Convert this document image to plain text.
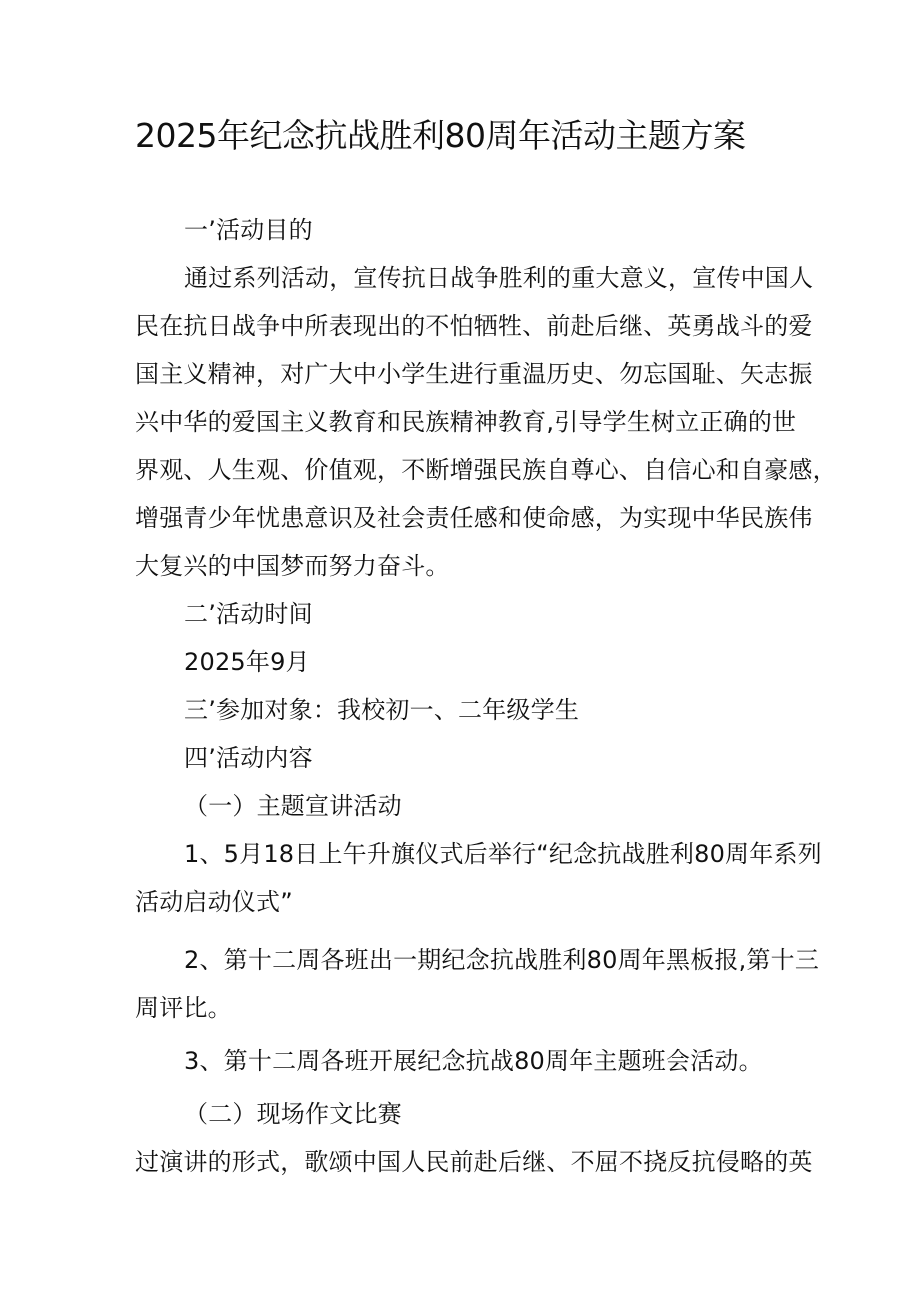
2025年纪念抗战胜利80周年活动主题方案

一’活动目的

通过系列活动，宣传抗日战争胜利的重大意义，宣传中国人

民在抗日战争中所表现出的不怕牺牲、前赴后继、英勇战斗的爱

国主义精神，对广大中小学生进行重温历史、勿忘国耻、矢志振

兴中华的爱国主义教育和民族精神教育,引导学生树立正确的世

界观、人生观、价值观，不断增强民族自尊心、自信心和自豪感，

增强青少年忧患意识及社会责任感和使命感，为实现中华民族伟

大复兴的中国梦而努力奋斗。

二’活动时间

2025年9月

三’参加对象：我校初一、二年级学生

四’活动内容

（一）主题宣讲活动

1、5月18日上午升旗仪式后举行“纪念抗战胜利80周年系列

活动启动仪式”

2、第十二周各班出一期纪念抗战胜利80周年黑板报,第十三

周评比。

3、第十二周各班开展纪念抗战80周年主题班会活动。

（二）现场作文比赛

过演讲的形式，歌颂中国人民前赴后继、不屈不挠反抗侵略的英
